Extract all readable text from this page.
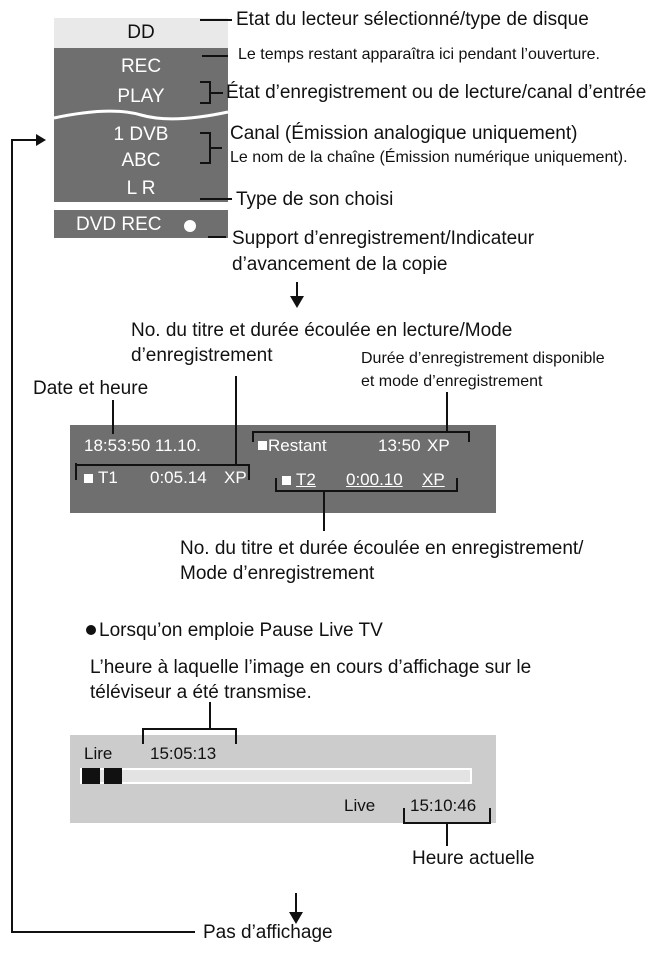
DD
REC
PLAY
1 DVB
ABC
L R
DVD REC
18:53:50 11.10.	Restant	13:50 XP
T1 0:05.14 XP	T2 0:00.10 XP
Lire 15:05:13
Live 15:10:46
Etat du lecteur sélectionné/type de disque
Le temps restant apparaîtra ici pendant l’ouverture.
État d’enregistrement ou de lecture/canal d’entrée
Canal (Émission analogique uniquement)
Le nom de la chaîne (Émission numérique uniquement).
Type de son choisi
Support d’enregistrement/Indicateur
d’avancement de la copie
No. du titre et durée écoulée en lecture/Mode
d’enregistrement	Durée d’enregistrement disponible
et mode d’enregistrement
Date et heure
No. du titre et durée écoulée en enregistrement/
Mode d’enregistrement
Lorsqu’on emploie Pause Live TV
L’heure à laquelle l’image en cours d’affichage sur le
téléviseur a été transmise.
Heure actuelle
Pas d’affichage
